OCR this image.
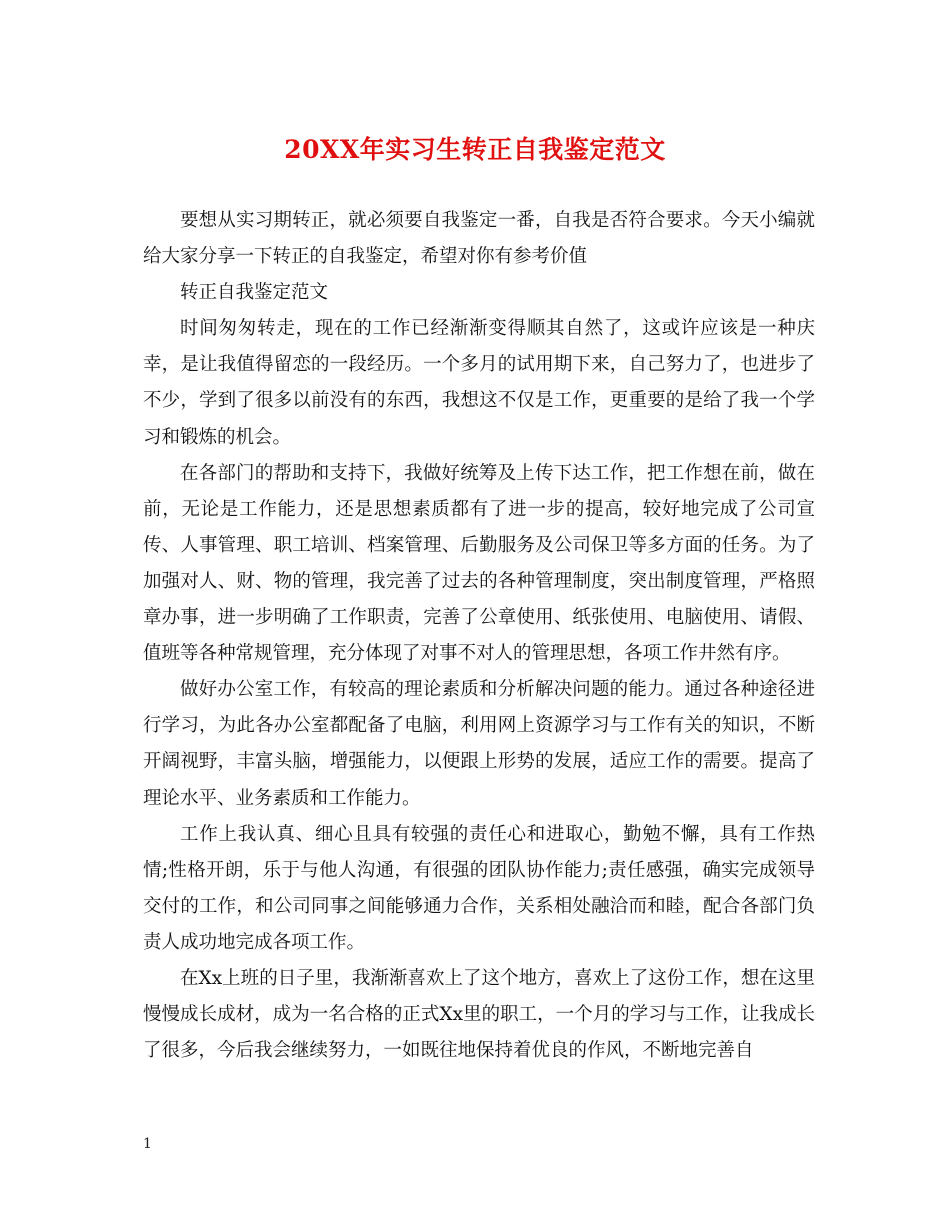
20XX年实习生转正自我鉴定范文

要想从实习期转正，就必须要自我鉴定一番，自我是否符合要求。今天小编就给大家分享一下转正的自我鉴定，希望对你有参考价值

转正自我鉴定范文

时间匆匆转走，现在的工作已经渐渐变得顺其自然了，这或许应该是一种庆幸，是让我值得留恋的一段经历。一个多月的试用期下来，自己努力了，也进步了不少，学到了很多以前没有的东西，我想这不仅是工作，更重要的是给了我一个学习和锻炼的机会。

在各部门的帮助和支持下，我做好统筹及上传下达工作，把工作想在前，做在前，无论是工作能力，还是思想素质都有了进一步的提高，较好地完成了公司宣传、人事管理、职工培训、档案管理、后勤服务及公司保卫等多方面的任务。为了加强对人、财、物的管理，我完善了过去的各种管理制度，突出制度管理，严格照章办事，进一步明确了工作职责，完善了公章使用、纸张使用、电脑使用、请假、值班等各种常规管理，充分体现了对事不对人的管理思想，各项工作井然有序。

做好办公室工作，有较高的理论素质和分析解决问题的能力。通过各种途径进行学习，为此各办公室都配备了电脑，利用网上资源学习与工作有关的知识，不断开阔视野，丰富头脑，增强能力，以便跟上形势的发展，适应工作的需要。提高了理论水平、业务素质和工作能力。

工作上我认真、细心且具有较强的责任心和进取心，勤勉不懈，具有工作热情;性格开朗，乐于与他人沟通，有很强的团队协作能力;责任感强，确实完成领导交付的工作，和公司同事之间能够通力合作，关系相处融洽而和睦，配合各部门负责人成功地完成各项工作。

在Xx上班的日子里，我渐渐喜欢上了这个地方，喜欢上了这份工作，想在这里慢慢成长成材，成为一名合格的正式Xx里的职工，一个月的学习与工作，让我成长了很多，今后我会继续努力，一如既往地保持着优良的作风，不断地完善自

1
